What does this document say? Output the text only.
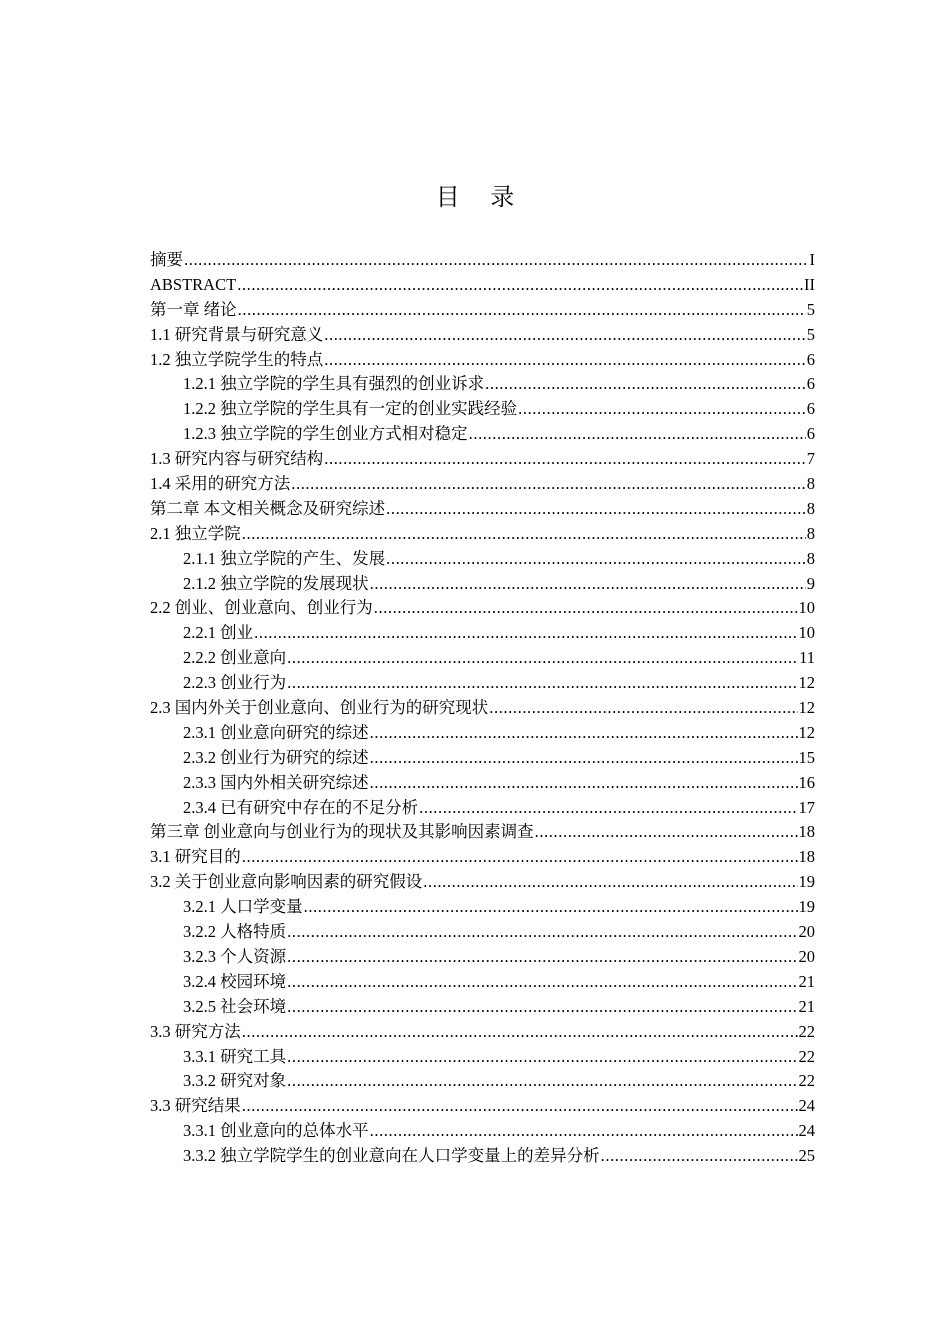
目    录
摘要 .....	I
ABSTRACT .....	II
第一章 绪论 .....	5
1.1 研究背景与研究意义 .....	5
1.2 独立学院学生的特点 .....	6
1.2.1 独立学院的学生具有强烈的创业诉求 .....	6
1.2.2 独立学院的学生具有一定的创业实践经验 .....	6
1.2.3 独立学院的学生创业方式相对稳定 .....	6
1.3 研究内容与研究结构 .....	7
1.4 采用的研究方法 .....	8
第二章 本文相关概念及研究综述 .....	8
2.1 独立学院 .....	8
2.1.1 独立学院的产生、发展 .....	8
2.1.2 独立学院的发展现状 .....	9
2.2 创业、创业意向、创业行为 .....	10
2.2.1 创业 .....	10
2.2.2 创业意向 .....	11
2.2.3 创业行为 .....	12
2.3 国内外关于创业意向、创业行为的研究现状 .....	12
2.3.1 创业意向研究的综述 .....	12
2.3.2 创业行为研究的综述 .....	15
2.3.3 国内外相关研究综述 .....	16
2.3.4 已有研究中存在的不足分析 .....	17
第三章 创业意向与创业行为的现状及其影响因素调查 .....	18
3.1 研究目的 .....	18
3.2 关于创业意向影响因素的研究假设 .....	19
3.2.1 人口学变量 .....	19
3.2.2 人格特质 .....	20
3.2.3 个人资源 .....	20
3.2.4 校园环境 .....	21
3.2.5 社会环境 .....	21
3.3 研究方法 .....	22
3.3.1 研究工具 .....	22
3.3.2 研究对象 .....	22
3.3 研究结果 .....	24
3.3.1 创业意向的总体水平 .....	24
3.3.2 独立学院学生的创业意向在人口学变量上的差异分析 .....	25
